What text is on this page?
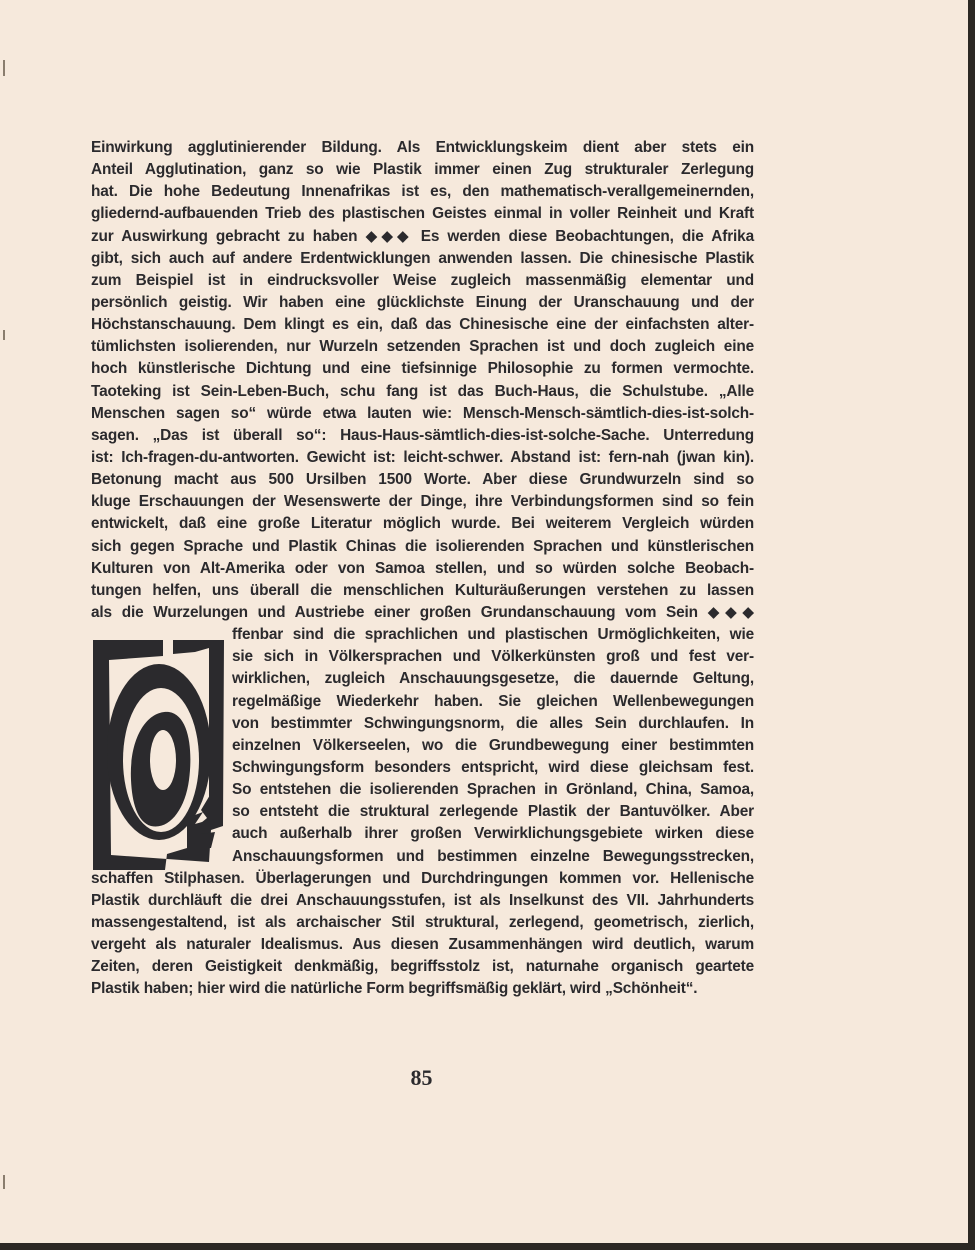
Einwirkung agglutinierender Bildung. Als Entwicklungskeim dient aber stets ein
Anteil Agglutination, ganz so wie Plastik immer einen Zug strukturaler Zerlegung
hat. Die hohe Bedeutung Innenafrikas ist es, den mathematisch-verallgemeinernden,
gliedernd-aufbauenden Trieb des plastischen Geistes einmal in voller Reinheit und Kraft
zur Auswirkung gebracht zu haben ◆◆◆ Es werden diese Beobachtungen, die Afrika
gibt, sich auch auf andere Erdentwicklungen anwenden lassen. Die chinesische Plastik
zum Beispiel ist in eindrucksvoller Weise zugleich massenmäßig elementar und
persönlich geistig. Wir haben eine glücklichste Einung der Uranschauung und der
Höchstanschauung. Dem klingt es ein, daß das Chinesische eine der einfachsten alter-
tümlichsten isolierenden, nur Wurzeln setzenden Sprachen ist und doch zugleich eine
hoch künstlerische Dichtung und eine tiefsinnige Philosophie zu formen vermochte.
Taoteking ist Sein-Leben-Buch, schu fang ist das Buch-Haus, die Schulstube. „Alle
Menschen sagen so“ würde etwa lauten wie: Mensch-Mensch-sämtlich-dies-ist-solch-
sagen. „Das ist überall so“: Haus-Haus-sämtlich-dies-ist-solche-Sache. Unterredung
ist: Ich-fragen-du-antworten. Gewicht ist: leicht-schwer. Abstand ist: fern-nah (jwan kin).
Betonung macht aus 500 Ursilben 1500 Worte. Aber diese Grundwurzeln sind so
kluge Erschauungen der Wesenswerte der Dinge, ihre Verbindungsformen sind so fein
entwickelt, daß eine große Literatur möglich wurde. Bei weiterem Vergleich würden
sich gegen Sprache und Plastik Chinas die isolierenden Sprachen und künstlerischen
Kulturen von Alt-Amerika oder von Samoa stellen, und so würden solche Beobach-
tungen helfen, uns überall die menschlichen Kulturäußerungen verstehen zu lassen
als die Wurzelungen und Austriebe einer großen Grundanschauung vom Sein ◆◆◆
ffenbar sind die sprachlichen und plastischen Urmöglichkeiten, wie
sie sich in Völkersprachen und Völkerkünsten groß und fest ver-
wirklichen, zugleich Anschauungsgesetze, die dauernde Geltung,
regelmäßige Wiederkehr haben. Sie gleichen Wellenbewegungen
von bestimmter Schwingungsnorm, die alles Sein durchlaufen. In
einzelnen Völkerseelen, wo die Grundbewegung einer bestimmten
Schwingungsform besonders entspricht, wird diese gleichsam fest.
So entstehen die isolierenden Sprachen in Grönland, China, Samoa,
so entsteht die struktural zerlegende Plastik der Bantuvölker. Aber
auch außerhalb ihrer großen Verwirklichungsgebiete wirken diese
Anschauungsformen und bestimmen einzelne Bewegungsstrecken,
schaffen Stilphasen. Überlagerungen und Durchdringungen kommen vor. Hellenische
Plastik durchläuft die drei Anschauungsstufen, ist als Inselkunst des VII. Jahrhunderts
massengestaltend, ist als archaischer Stil struktural, zerlegend, geometrisch, zierlich,
vergeht als naturaler Idealismus. Aus diesen Zusammenhängen wird deutlich, warum
Zeiten, deren Geistigkeit denkmäßig, begriffsstolz ist, naturnahe organisch geartete
Plastik haben; hier wird die natürliche Form begriffsmäßig geklärt, wird „Schönheit“.
85
